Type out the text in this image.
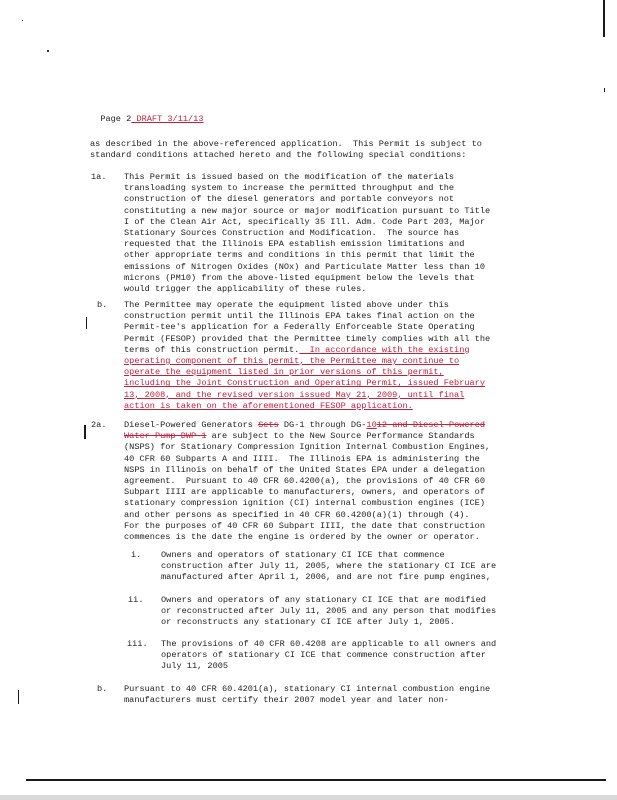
Page 2 DRAFT 3/11/13

as described in the above-referenced application.  This Permit is subject to
standard conditions attached hereto and the following special conditions:
1a. This Permit is issued based on the modification of the materials
transloading system to increase the permitted throughput and the
construction of the diesel generators and portable conveyors not
constituting a new major source or major modification pursuant to Title
I of the Clean Air Act, specifically 35 Ill. Adm. Code Part 203, Major
Stationary Sources Construction and Modification.  The source has
requested that the Illinois EPA establish emission limitations and
other appropriate terms and conditions in this permit that limit the
emissions of Nitrogen Oxides (NOx) and Particulate Matter less than 10
microns (PM10) from the above-listed equipment below the levels that
would trigger the applicability of these rules.
b. The Permittee may operate the equipment listed above under this
construction permit until the Illinois EPA takes final action on the
Permit-tee's application for a Federally Enforceable State Operating
Permit (FESOP) provided that the Permittee timely complies with all the
terms of this construction permit.  In accordance with the existing
operating component of this permit, the Permittee may continue to
operate the equipment listed in prior versions of this permit,
including the Joint Construction and Operating Permit, issued February
13, 2008, and the revised version issued May 21, 2009, until final
action is taken on the aforementioned FESOP application.
2a. Diesel-Powered Generators Sets DG-1 through DG-1012 and Diesel-Powered
Water Pump DWP-1 are subject to the New Source Performance Standards
(NSPS) for Stationary Compression Ignition Internal Combustion Engines,
40 CFR 60 Subparts A and IIII.  The Illinois EPA is administering the
NSPS in Illinois on behalf of the United States EPA under a delegation
agreement.  Pursuant to 40 CFR 60.4200(a), the provisions of 40 CFR 60
Subpart IIII are applicable to manufacturers, owners, and operators of
stationary compression ignition (CI) internal combustion engines (ICE)
and other persons as specified in 40 CFR 60.4200(a)(1) through (4).
For the purposes of 40 CFR 60 Subpart IIII, the date that construction
commences is the date the engine is ordered by the owner or operator.
i. Owners and operators of stationary CI ICE that commence
construction after July 11, 2005, where the stationary CI ICE are
manufactured after April 1, 2006, and are not fire pump engines,
ii. Owners and operators of any stationary CI ICE that are modified
or reconstructed after July 11, 2005 and any person that modifies
or reconstructs any stationary CI ICE after July 1, 2005.
iii. The provisions of 40 CFR 60.4208 are applicable to all owners and
operators of stationary CI ICE that commence construction after
July 11, 2005
b. Pursuant to 40 CFR 60.4201(a), stationary CI internal combustion engine
manufacturers must certify their 2007 model year and later non-
